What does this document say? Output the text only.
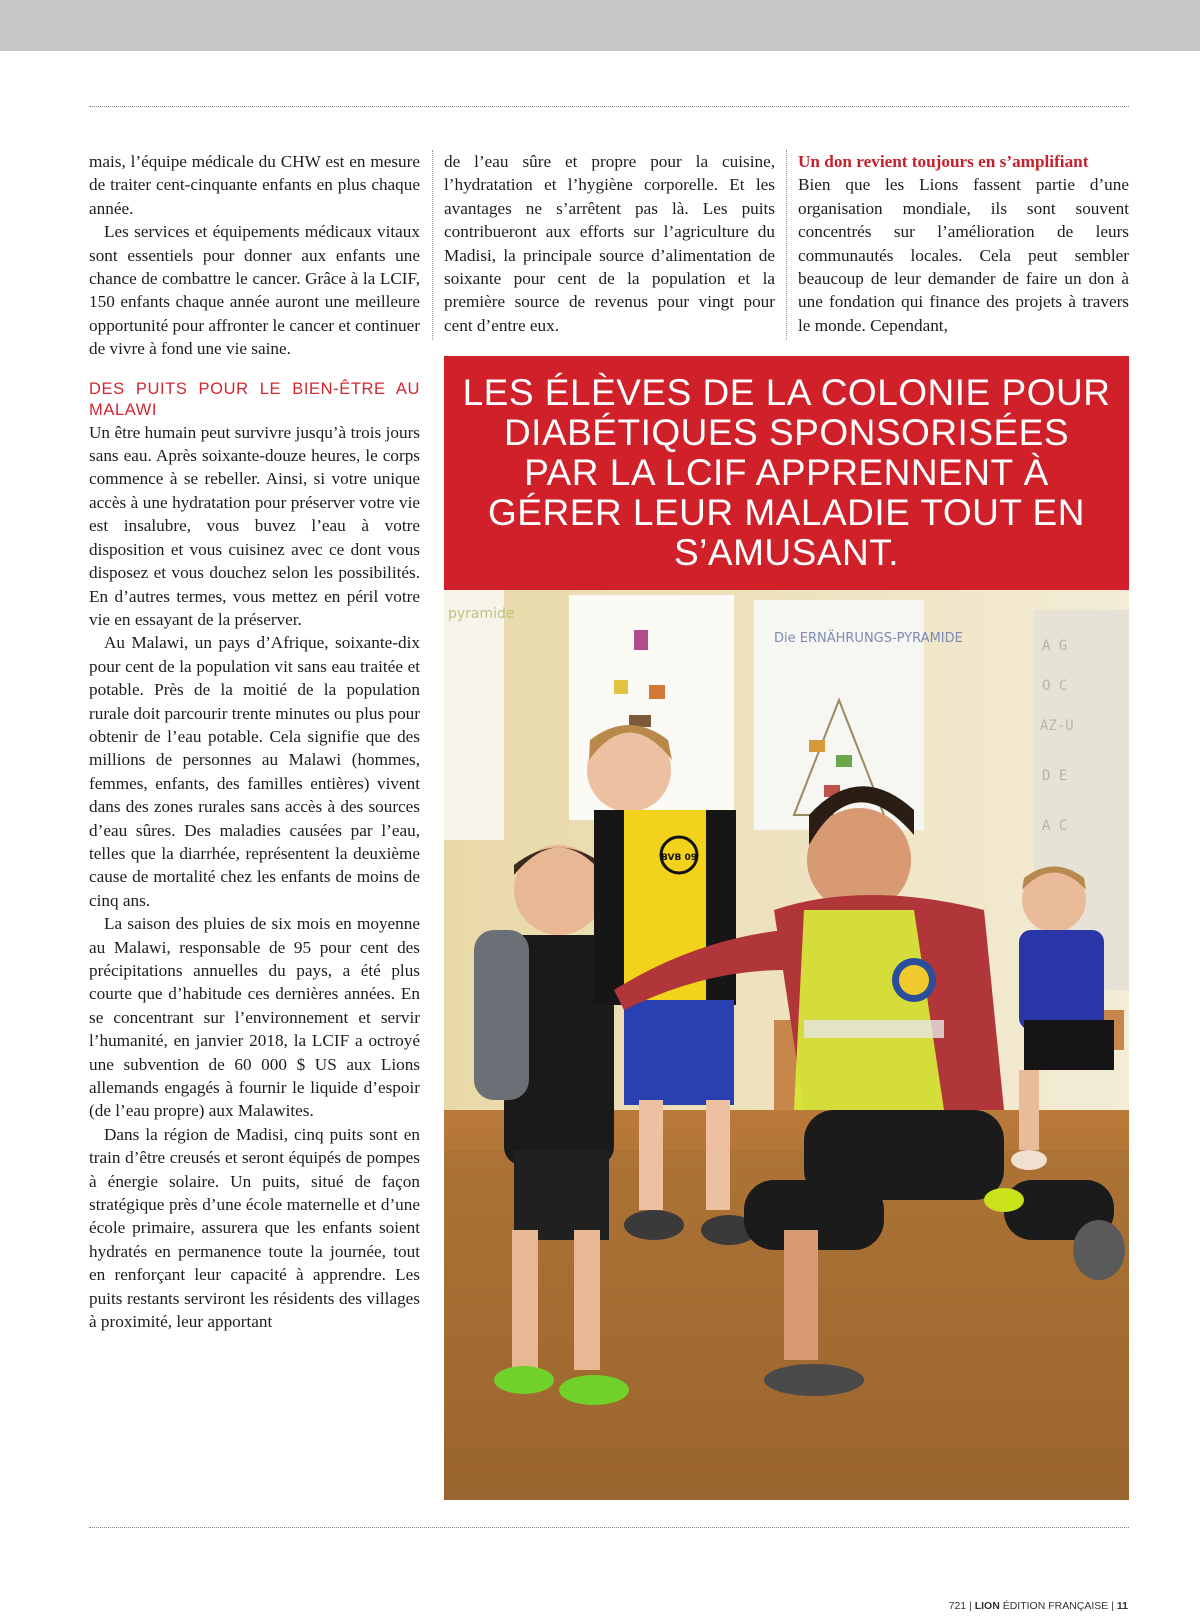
mais, l’équipe médicale du CHW est en mesure de traiter cent-cinquante enfants en plus chaque année.

Les services et équipements médicaux vitaux sont essentiels pour donner aux enfants une chance de combattre le cancer. Grâce à la LCIF, 150 enfants chaque année auront une meilleure opportunité pour affronter le cancer et continuer de vivre à fond une vie saine.

DES PUITS POUR LE BIEN-ÊTRE AU MALAWI

Un être humain peut survivre jusqu’à trois jours sans eau. Après soixante-douze heures, le corps commence à se rebeller. Ainsi, si votre unique accès à une hydratation pour préserver votre vie est insalubre, vous buvez l’eau à votre disposition et vous cuisinez avec ce dont vous disposez et vous douchez selon les possibilités. En d’autres termes, vous mettez en péril votre vie en essayant de la préserver.

Au Malawi, un pays d’Afrique, soixante-dix pour cent de la population vit sans eau traitée et potable. Près de la moitié de la population rurale doit parcourir trente minutes ou plus pour obtenir de l’eau potable. Cela signifie que des millions de personnes au Malawi (hommes, femmes, enfants, des familles entières) vivent dans des zones rurales sans accès à des sources d’eau sûres. Des maladies causées par l’eau, telles que la diarrhée, représentent la deuxième cause de mortalité chez les enfants de moins de cinq ans.

La saison des pluies de six mois en moyenne au Malawi, responsable de 95 pour cent des précipitations annuelles du pays, a été plus courte que d’habitude ces dernières années. En se concentrant sur l’environnement et servir l’humanité, en janvier 2018, la LCIF a octroyé une subvention de 60 000 $ US aux Lions allemands engagés à fournir le liquide d’espoir (de l’eau propre) aux Malawites.

Dans la région de Madisi, cinq puits sont en train d’être creusés et seront équipés de pompes à énergie solaire. Un puits, situé de façon stratégique près d’une école maternelle et d’une école primaire, assurera que les enfants soient hydratés en permanence toute la journée, tout en renforçant leur capacité à apprendre. Les puits restants serviront les résidents des villages à proximité, leur apportant

de l’eau sûre et propre pour la cuisine, l’hydratation et l’hygiène corporelle. Et les avantages ne s’arrêtent pas là. Les puits contribueront aux efforts sur l’agriculture du Madisi, la principale source d’alimentation de soixante pour cent de la population et la première source de revenus pour vingt pour cent d’entre eux.

Un don revient toujours en s’amplifiant

Bien que les Lions fassent partie d’une organisation mondiale, ils sont souvent concentrés sur l’amélioration de leurs communautés locales. Cela peut sembler beaucoup de leur demander de faire un don à une fondation qui finance des projets à travers le monde. Cependant,

LES ÉLÈVES DE LA COLONIE POUR DIABÉTIQUES SPONSORISÉES PAR LA LCIF APPRENNENT À GÉRER LEUR MALADIE TOUT EN S’AMUSANT.
pyramide
Die ERNÄHRUNGS-PYRAMIDE	A G
O C
AZ-U
D E
A C
BVB 09
721 | LION ÉDITION FRANÇAISE | 11
